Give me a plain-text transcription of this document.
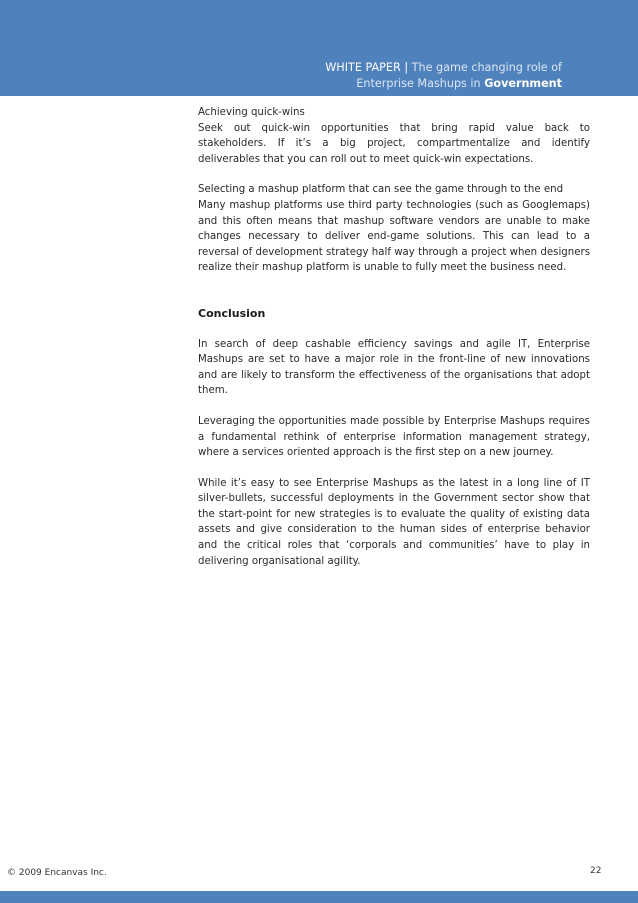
WHITE PAPER | The game changing role of
Enterprise Mashups in Government

Achieving quick-wins

Seek out quick-win opportunities that bring rapid value back to stakeholders. If it’s a big project, compartmentalize and identify deliverables that you can roll out to meet quick-win expectations.

Selecting a mashup platform that can see the game through to the end

Many mashup platforms use third party technologies (such as Googlemaps) and this often means that mashup software vendors are unable to make changes necessary to deliver end-game solutions. This can lead to a reversal of development strategy half way through a project when designers realize their mashup platform is unable to fully meet the business need.

Conclusion

In search of deep cashable efficiency savings and agile IT, Enterprise Mashups are set to have a major role in the front-line of new innovations and are likely to transform the effectiveness of the organisations that adopt them.

Leveraging the opportunities made possible by Enterprise Mashups requires a fundamental rethink of enterprise information management strategy, where a services oriented approach is the first step on a new journey.

While it’s easy to see Enterprise Mashups as the latest in a long line of IT silver-bullets, successful deployments in the Government sector show that the start-point for new strategies is to evaluate the quality of existing data assets and give consideration to the human sides of enterprise behavior and the critical roles that ‘corporals and communities’ have to play in delivering organisational agility.

© 2009 Encanvas Inc.	22
